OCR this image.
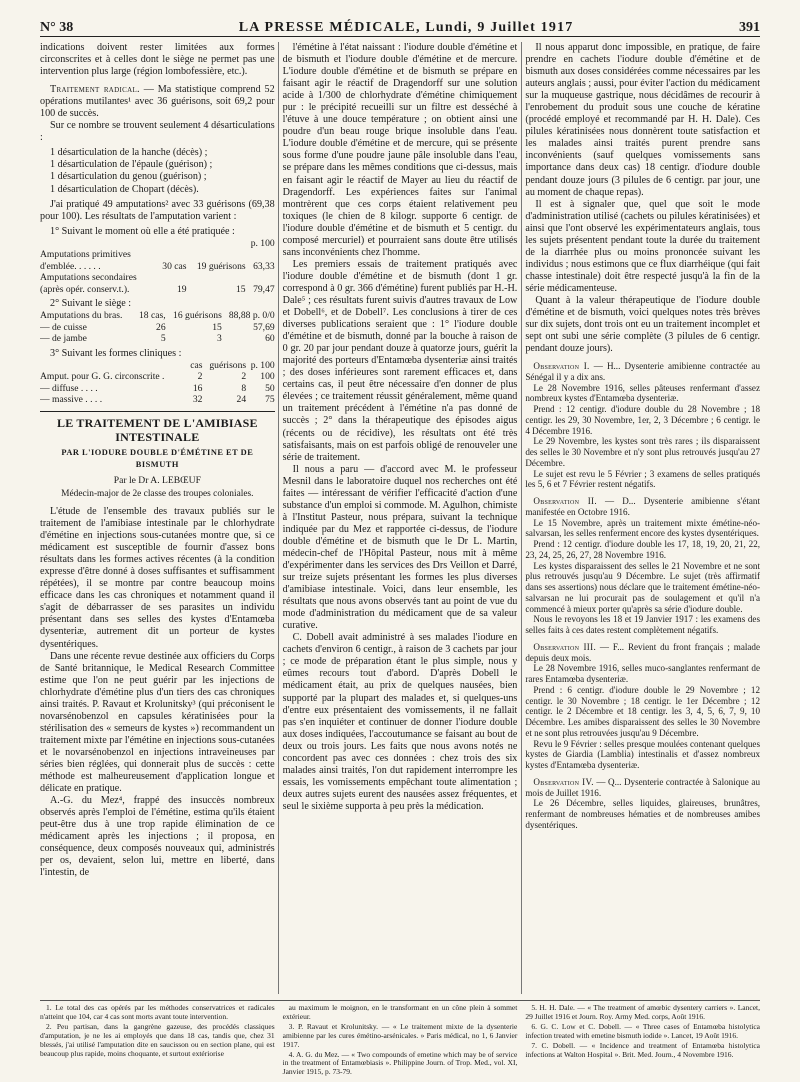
N° 38	LA PRESSE MÉDICALE, Lundi, 9 Juillet 1917	391

indications doivent rester limitées aux formes circonscrites et à celles dont le siège ne permet pas une intervention plus large (région lombofessière, etc.).

Traitement radical. — Ma statistique comprend 52 opérations mutilantes¹ avec 36 guérisons, soit 69,2 pour 100 de succès.

Sur ce nombre se trouvent seulement 4 désarticulations :

1 désarticulation de la hanche (décès) ;

1 désarticulation de l'épaule (guérison) ;

1 désarticulation du genou (guérison) ;

1 désarticulation de Chopart (décès).

J'ai pratiqué 49 amputations² avec 33 guérisons (69,38 pour 100). Les résultats de l'amputation varient :

1° Suivant le moment où elle a été pratiquée :

			p. 100
Amputations primitives			
d'emblée. . . . . .	30 cas	19 guérisons	63,33
Amputations secondaires			
(après opér. conserv.t.).	19	15	79,47

2° Suivant le siège :

Amputations du bras.	18 cas,	16 guérisons	88,88 p. 0/0
— de cuisse	26	15	57,69
— de jambe	5	3	60

3° Suivant les formes cliniques :

	cas	guérisons	p. 100
Amput. pour G. G. circonscrite .	2	2	100
— diffuse . . . .	16	8	50
— massive . . . .	32	24	75
LE TRAITEMENT DE L'AMIBIASE INTESTINALE
PAR L'IODURE DOUBLE D'ÉMÉTINE ET DE BISMUTH
Par le Dr A. LEBŒUF
Médecin-major de 2e classe des troupes coloniales.

L'étude de l'ensemble des travaux publiés sur le traitement de l'amibiase intestinale par le chlorhydrate d'émétine en injections sous-cutanées montre que, si ce médicament est susceptible de fournir d'assez bons résultats dans les formes actives récentes (à la condition expresse d'être donné à doses suffisantes et suffisamment répétées), il se montre par contre beaucoup moins efficace dans les cas chroniques et notamment quand il s'agit de débarrasser de ses parasites un individu présentant dans ses selles des kystes d'Entamœba dysenteriæ, autrement dit un porteur de kystes dysentériques.

Dans une récente revue destinée aux officiers du Corps de Santé britannique, le Medical Research Committee estime que l'on ne peut guérir par les injections de chlorhydrate d'émétine plus d'un tiers des cas chroniques ainsi traités. P. Ravaut et Krolunitsky³ (qui préconisent le novarsénobenzol en capsules kératinisées pour la stérilisation des « semeurs de kystes ») recommandent un traitement mixte par l'émétine en injections sous-cutanées et le novarsénobenzol en injections intraveineuses par séries bien réglées, qui donnerait plus de succès : cette méthode est malheureusement d'application longue et délicate en pratique.

A.-G. du Mez⁴, frappé des insuccès nombreux observés après l'emploi de l'émétine, estima qu'ils étaient peut-être dus à une trop rapide élimination de ce médicament après les injections ; il proposa, en conséquence, deux composés nouveaux qui, administrés per os, devaient, selon lui, mettre en liberté, dans l'intestin, de

l'émétine à l'état naissant : l'iodure double d'émétine et de bismuth et l'iodure double d'émétine et de mercure. L'iodure double d'émétine et de bismuth se prépare en faisant agir le réactif de Dragendorff sur une solution acide à 1/300 de chlorhydrate d'émétine chimiquement pur : le précipité recueilli sur un filtre est desséché à l'étuve à une douce température ; on obtient ainsi une poudre d'un beau rouge brique insoluble dans l'eau. L'iodure double d'émétine et de mercure, qui se présente sous forme d'une poudre jaune pâle insoluble dans l'eau, se prépare dans les mêmes conditions que ci-dessus, mais en faisant agir le réactif de Mayer au lieu du réactif de Dragendorff. Les expériences faites sur l'animal montrèrent que ces corps étaient relativement peu toxiques (le chien de 8 kilogr. supporte 6 centigr. de l'iodure double d'émétine et de bismuth et 5 centigr. du composé mercuriel) et pourraient sans doute être utilisés sans inconvénients chez l'homme.

Les premiers essais de traitement pratiqués avec l'iodure double d'émétine et de bismuth (dont 1 gr. correspond à 0 gr. 366 d'émétine) furent publiés par H.-H. Dale⁵ ; ces résultats furent suivis d'autres travaux de Low et Dobell⁶, et de Dobell⁷. Les conclusions à tirer de ces diverses publications seraient que : 1° l'iodure double d'émétine et de bismuth, donné par la bouche à raison de 0 gr. 20 par jour pendant douze à quatorze jours, guérit la majorité des porteurs d'Entamœba dysenteriæ ainsi traités ; des doses inférieures sont rarement efficaces et, dans certains cas, il peut être nécessaire d'en donner de plus élevées ; ce traitement réussit généralement, même quand un traitement précédent à l'émétine n'a pas donné de succès ; 2° dans la thérapeutique des épisodes aigus (récents ou de récidive), les résultats ont été très satisfaisants, mais on est parfois obligé de renouveler une série de traitement.

Il nous a paru — d'accord avec M. le professeur Mesnil dans le laboratoire duquel nos recherches ont été faites — intéressant de vérifier l'efficacité d'action d'une substance d'un emploi si commode. M. Agulhon, chimiste à l'Institut Pasteur, nous prépara, suivant la technique indiquée par du Mez et rapportée ci-dessus, de l'iodure double d'émétine et de bismuth que le Dr L. Martin, médecin-chef de l'Hôpital Pasteur, nous mit à même d'expérimenter dans les services des Drs Veillon et Darré, sur treize sujets présentant les formes les plus diverses d'amibiase intestinale. Voici, dans leur ensemble, les résultats que nous avons observés tant au point de vue du mode d'administration du médicament que de sa valeur curative.

C. Dobell avait administré à ses malades l'iodure en cachets d'environ 6 centigr., à raison de 3 cachets par jour ; ce mode de préparation étant le plus simple, nous y eûmes recours tout d'abord. D'après Dobell le médicament était, au prix de quelques nausées, bien supporté par la plupart des malades et, si quelques-uns d'entre eux présentaient des vomissements, il ne fallait pas s'en inquiéter et continuer de donner l'iodure double aux doses indiquées, l'accoutumance se faisant au bout de deux ou trois jours. Les faits que nous avons notés ne concordent pas avec ces données : chez trois des six malades ainsi traités, l'on dut rapidement interrompre les essais, les vomissements empêchant toute alimentation ; deux autres sujets eurent des nausées assez fréquentes, et seul le sixième supporta à peu près la médication.

Il nous apparut donc impossible, en pratique, de faire prendre en cachets l'iodure double d'émétine et de bismuth aux doses considérées comme nécessaires par les auteurs anglais ; aussi, pour éviter l'action du médicament sur la muqueuse gastrique, nous décidâmes de recourir à l'enrobement du produit sous une couche de kératine (procédé employé et recommandé par H. H. Dale). Ces pilules kératinisées nous donnèrent toute satisfaction et les malades ainsi traités purent prendre sans inconvénients (sauf quelques vomissements sans importance dans deux cas) 18 centigr. d'iodure double pendant douze jours (3 pilules de 6 centigr. par jour, une au moment de chaque repas).

Il est à signaler que, quel que soit le mode d'administration utilisé (cachets ou pilules kératinisées) et ainsi que l'ont observé les expérimentateurs anglais, tous les sujets présentent pendant toute la durée du traitement de la diarrhée plus ou moins prononcée suivant les individus ; nous estimons que ce flux diarrhéique (qui fait chasse intestinale) doit être respecté jusqu'à la fin de la série médicamenteuse.

Quant à la valeur thérapeutique de l'iodure double d'émétine et de bismuth, voici quelques notes très brèves sur dix sujets, dont trois ont eu un traitement incomplet et sept ont subi une série complète (3 pilules de 6 centigr. pendant douze jours).

Observation I. — H... Dysenterie amibienne contractée au Sénégal il y a dix ans.

Le 28 Novembre 1916, selles pâteuses renfermant d'assez nombreux kystes d'Entamœba dysenteriæ.

Prend : 12 centigr. d'iodure double du 28 Novembre ; 18 centigr. les 29, 30 Novembre, 1er, 2, 3 Décembre ; 6 centigr. le 4 Décembre 1916.

Le 29 Novembre, les kystes sont très rares ; ils disparaissent des selles le 30 Novembre et n'y sont plus retrouvés jusqu'au 27 Décembre.

Le sujet est revu le 5 Février ; 3 examens de selles pratiqués les 5, 6 et 7 Février restent négatifs.

Observation II. — D... Dysenterie amibienne s'étant manifestée en Octobre 1916.

Le 15 Novembre, après un traitement mixte émétine-néo-salvarsan, les selles renferment encore des kystes dysentériques.

Prend : 12 centigr. d'iodure double les 17, 18, 19, 20, 21, 22, 23, 24, 25, 26, 27, 28 Novembre 1916.

Les kystes disparaissent des selles le 21 Novembre et ne sont plus retrouvés jusqu'au 9 Décembre. Le sujet (très affirmatif dans ses assertions) nous déclare que le traitement émétine-néo-salvarsan ne lui procurait pas de soulagement et qu'il n'a commencé à mieux porter qu'après sa série d'iodure double.

Nous le revoyons les 18 et 19 Janvier 1917 : les examens des selles faits à ces dates restent complètement négatifs.

Observation III. — F... Revient du front français ; malade depuis deux mois.

Le 28 Novembre 1916, selles muco-sanglantes renfermant de rares Entamœba dysenteriæ.

Prend : 6 centigr. d'iodure double le 29 Novembre ; 12 centigr. le 30 Novembre ; 18 centigr. le 1er Décembre ; 12 centigr. le 2 Décembre et 18 centigr. les 3, 4, 5, 6, 7, 9, 10 Décembre. Les amibes disparaissent des selles le 30 Novembre et ne sont plus retrouvées jusqu'au 9 Décembre.

Revu le 9 Février : selles presque moulées contenant quelques kystes de Giardia (Lamblia) intestinalis et d'assez nombreux kystes d'Entamœba dysenteriæ.

Observation IV. — Q... Dysenterie contractée à Salonique au mois de Juillet 1916.

Le 26 Décembre, selles liquides, glaireuses, brunâtres, renfermant de nombreuses hématies et de nombreuses amibes dysentériques.

1. Le total des cas opérés par les méthodes conservatrices et radicales n'atteint que 104, car 4 cas sont morts avant toute intervention.

2. Peu partisan, dans la gangrène gazeuse, des procédés classiques d'amputation, je ne les ai employés que dans 18 cas, tandis que, chez 31 blessés, j'ai utilisé l'amputation dite en saucisson ou en section plane, qui est beaucoup plus rapide, moins choquante, et surtout extériorise

au maximum le moignon, en le transformant en un cône plein à sommet extérieur.

3. P. Ravaut et Krolunitsky. — « Le traitement mixte de la dysenterie amibienne par les cures émétino-arsénicales. » Paris médical, no 1, 6 Janvier 1917.

4. A. G. du Mez. — « Two compounds of emetine which may be of service in the treatment of Entamœbiasis ». Philippine Journ. of Trop. Med., vol. XI, Janvier 1915, p. 73-79.

5. H. H. Dale. — « The treatment of amœbic dysentery carriers ». Lancet, 29 Juillet 1916 et Journ. Roy. Army Med. corps, Août 1916.

6. G. C. Low et C. Dobell. — « Three cases of Entamœba histolytica infection treated with emetine bismuth iodide ». Lancet, 19 Août 1916.

7. C. Dobell. — « Incidence and treatment of Entamœba histolytica infections at Walton Hospital ». Brit. Med. Journ., 4 Novembre 1916.
